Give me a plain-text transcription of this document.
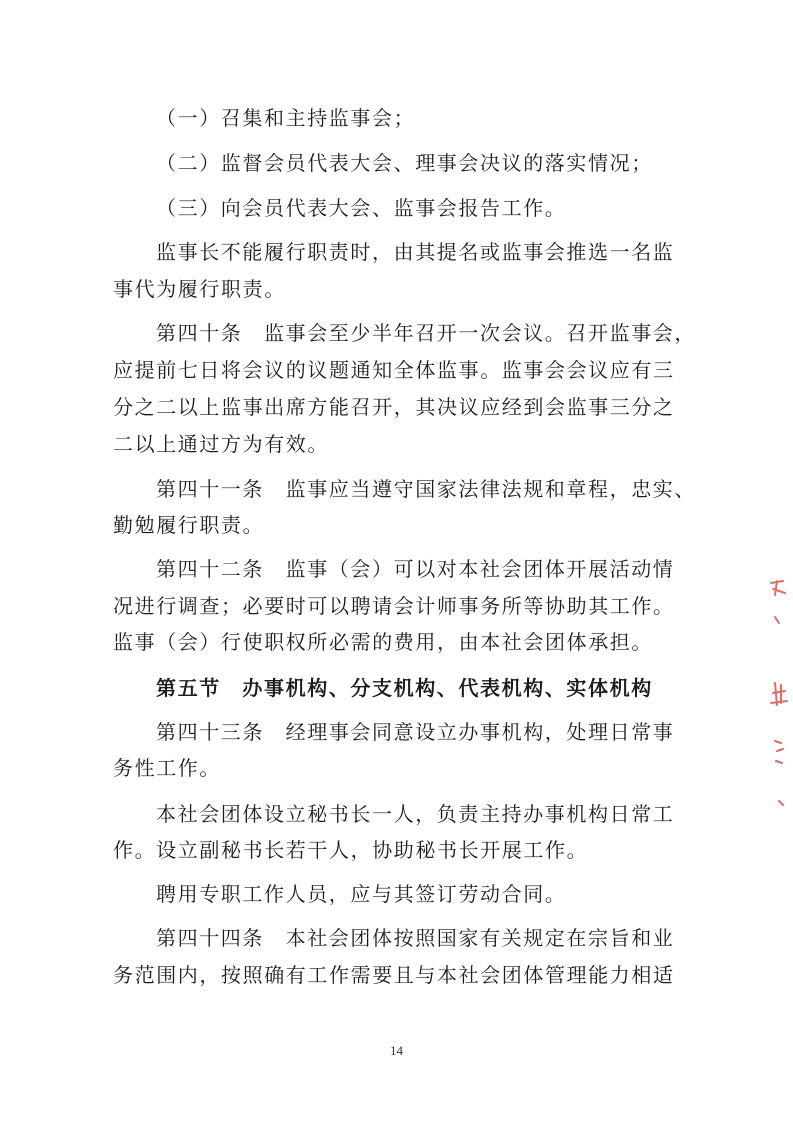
（一）召集和主持监事会；
（二）监督会员代表大会、理事会决议的落实情况；
（三）向会员代表大会、监事会报告工作。
监事长不能履行职责时，由其提名或监事会推选一名监
事代为履行职责。
第四十条　监事会至少半年召开一次会议。召开监事会，
应提前七日将会议的议题通知全体监事。监事会会议应有三
分之二以上监事出席方能召开，其决议应经到会监事三分之
二以上通过方为有效。
第四十一条　监事应当遵守国家法律法规和章程，忠实、
勤勉履行职责。
第四十二条　监事（会）可以对本社会团体开展活动情
况进行调查；必要时可以聘请会计师事务所等协助其工作。
监事（会）行使职权所必需的费用，由本社会团体承担。
第五节　办事机构、分支机构、代表机构、实体机构
第四十三条　经理事会同意设立办事机构，处理日常事
务性工作。
本社会团体设立秘书长一人，负责主持办事机构日常工
作。设立副秘书长若干人，协助秘书长开展工作。
聘用专职工作人员，应与其签订劳动合同。
第四十四条　本社会团体按照国家有关规定在宗旨和业
务范围内，按照确有工作需要且与本社会团体管理能力相适
14
